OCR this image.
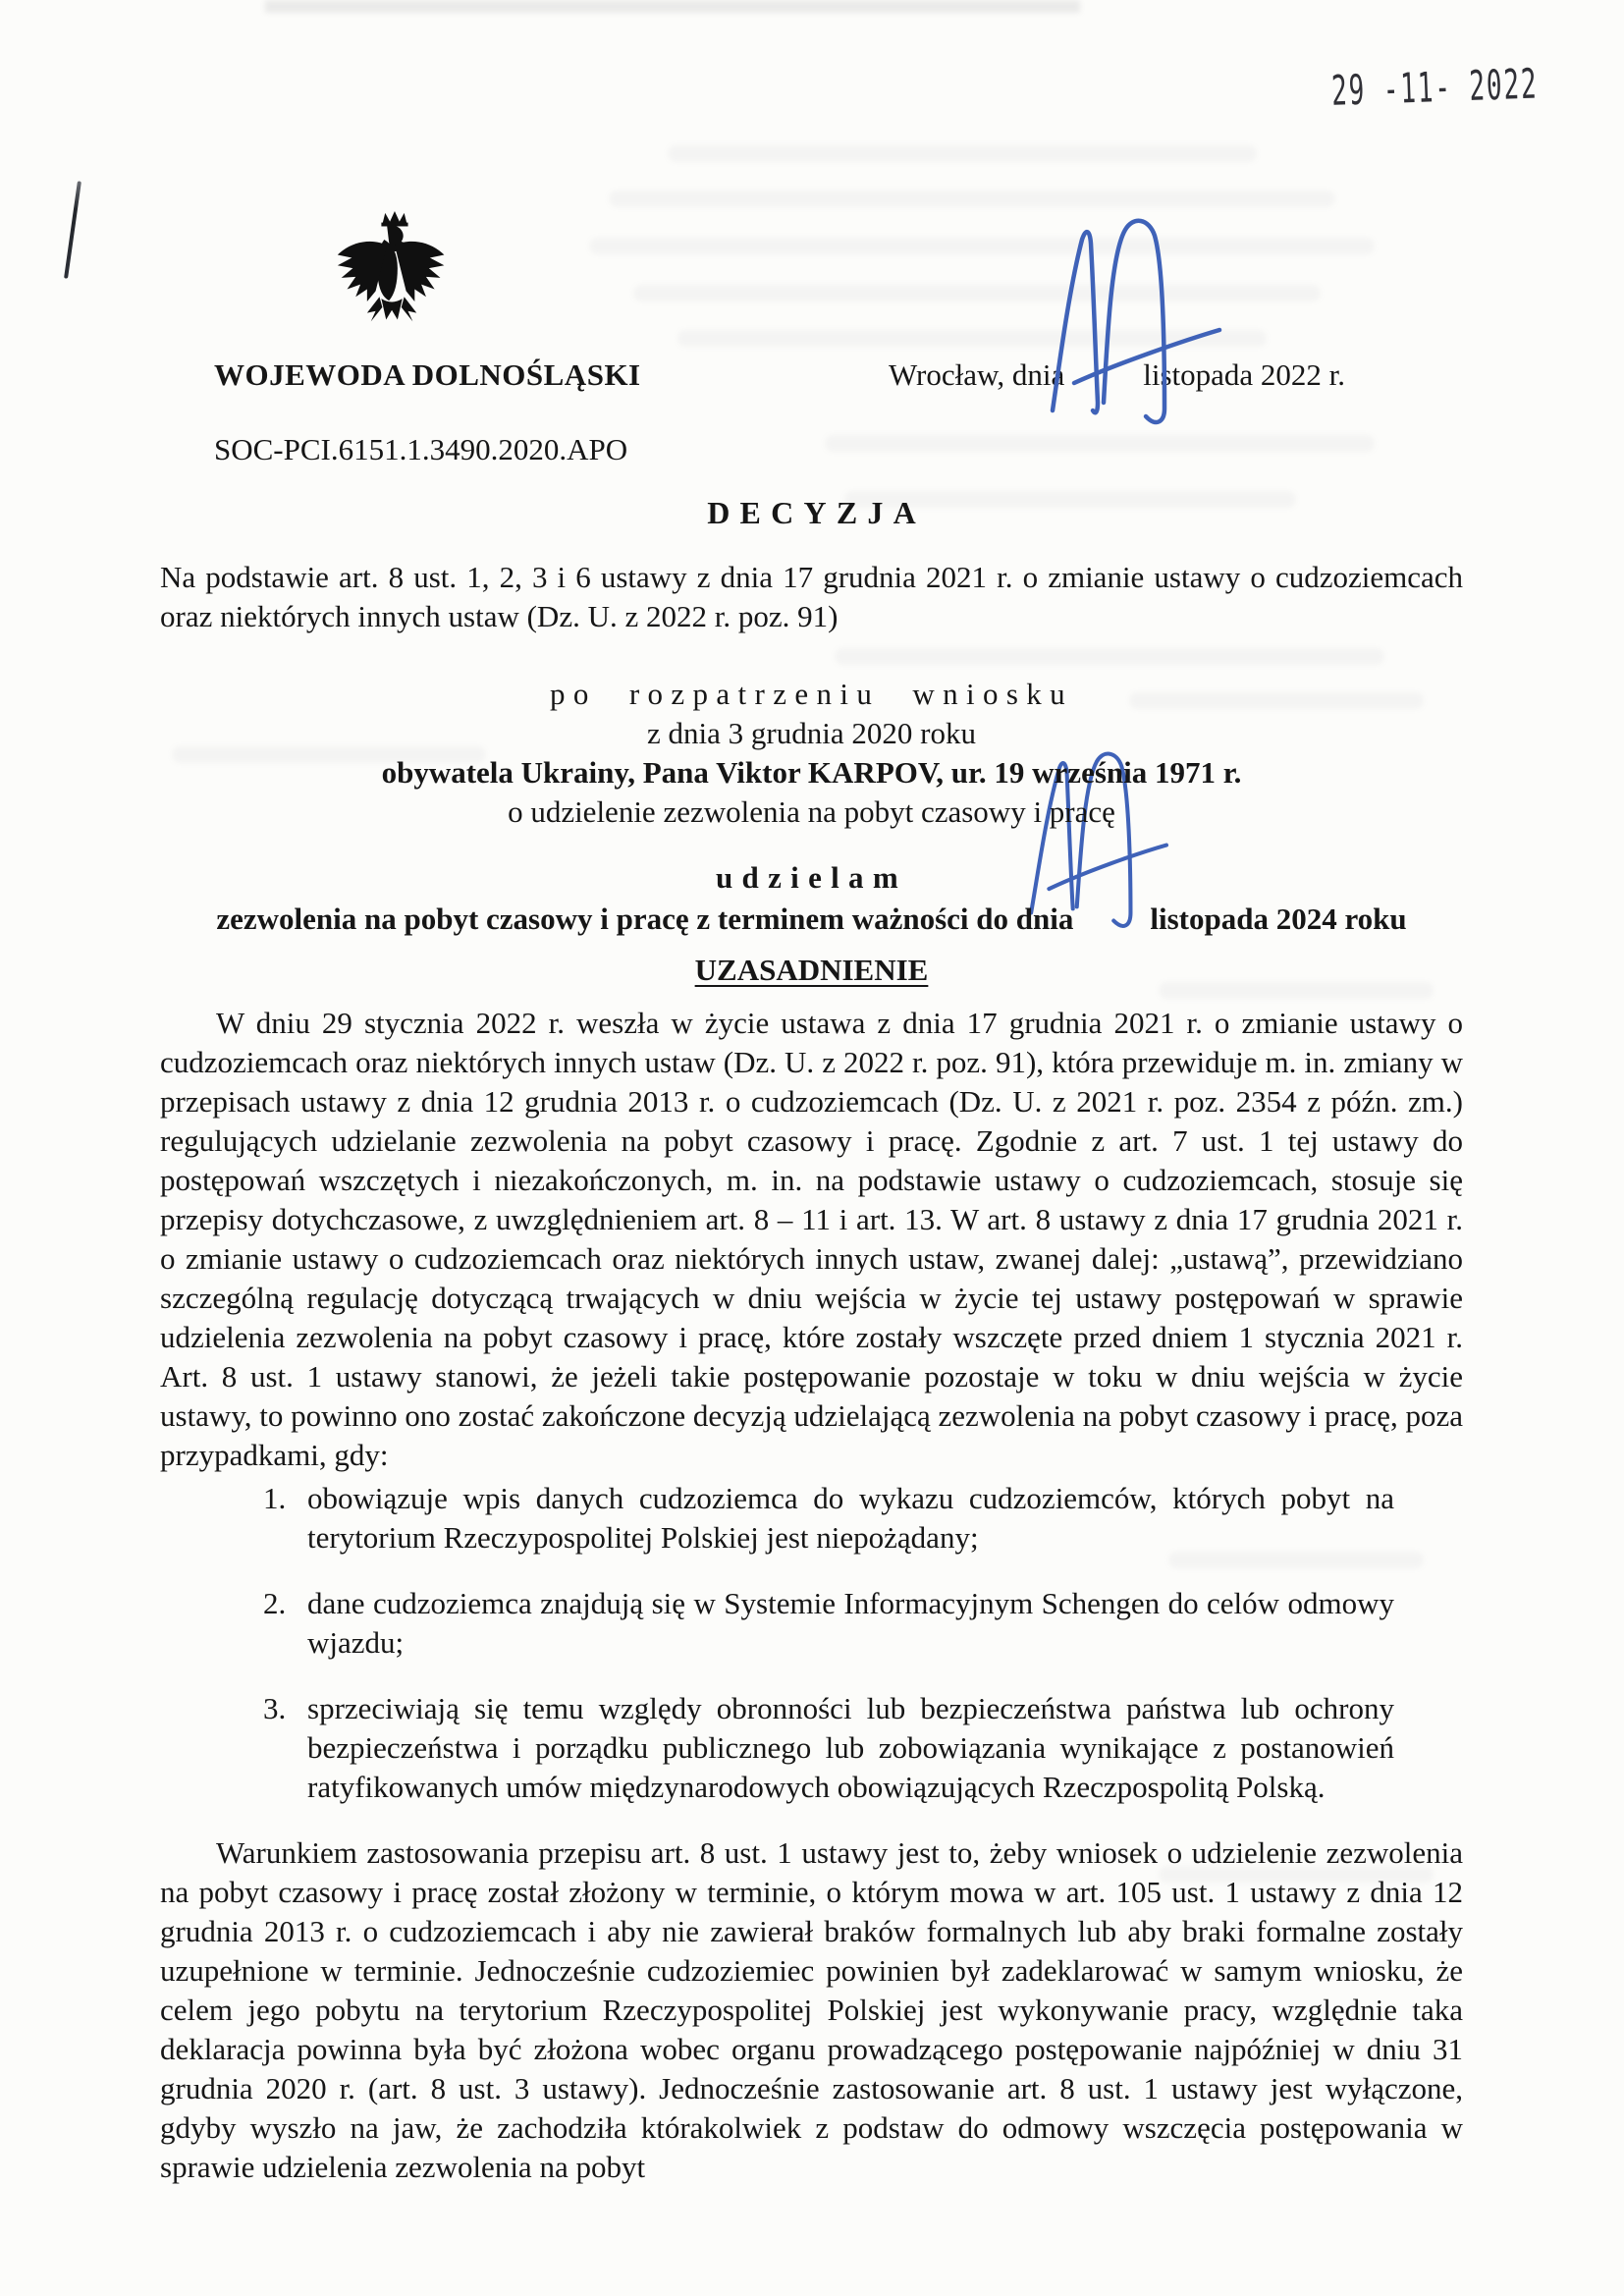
29 -11- 2022
WOJEWODA DOLNOŚLĄSKI	Wrocław, dnia	listopada 2022 r.
SOC-PCI.6151.1.3490.2020.APO
DECYZJA
Na podstawie art. 8 ust. 1, 2, 3 i 6 ustawy z dnia 17 grudnia 2021 r. o zmianie ustawy o cudzoziemcach oraz niektórych innych ustaw (Dz. U. z 2022 r. poz. 91)
po rozpatrzeniu wniosku
z dnia 3 grudnia 2020 roku
obywatela Ukrainy, Pana Viktor KARPOV, ur. 19 września 1971 r.
o udzielenie zezwolenia na pobyt czasowy i pracę
udzielam
zezwolenia na pobyt czasowy i pracę z terminem ważności do dnia	listopada 2024 roku
UZASADNIENIE

W dniu 29 stycznia 2022 r. weszła w życie ustawa z dnia 17 grudnia 2021 r. o zmianie ustawy o cudzoziemcach oraz niektórych innych ustaw (Dz. U. z 2022 r. poz. 91), która przewiduje m. in. zmiany w przepisach ustawy z dnia 12 grudnia 2013 r. o cudzoziemcach (Dz. U. z 2021 r. poz. 2354 z późn. zm.) regulujących udzielanie zezwolenia na pobyt czasowy i pracę. Zgodnie z art. 7 ust. 1 tej ustawy do postępowań wszczętych i niezakończonych, m. in. na podstawie ustawy o cudzoziemcach, stosuje się przepisy dotychczasowe, z uwzględnieniem art. 8 – 11 i art. 13. W art. 8 ustawy z dnia 17 grudnia 2021 r. o zmianie ustawy o cudzoziemcach oraz niektórych innych ustaw, zwanej dalej: „ustawą”, przewidziano szczególną regulację dotyczącą trwających w dniu wejścia w życie tej ustawy postępowań w sprawie udzielenia zezwolenia na pobyt czasowy i pracę, które zostały wszczęte przed dniem 1 stycznia 2021 r. Art. 8 ust. 1 ustawy stanowi, że jeżeli takie postępowanie pozostaje w toku w dniu wejścia w życie ustawy, to powinno ono zostać zakończone decyzją udzielającą zezwolenia na pobyt czasowy i pracę, poza przypadkami, gdy:

1. obowiązuje wpis danych cudzoziemca do wykazu cudzoziemców, których pobyt na terytorium Rzeczypospolitej Polskiej jest niepożądany;
2. dane cudzoziemca znajdują się w Systemie Informacyjnym Schengen do celów odmowy wjazdu;
3. sprzeciwiają się temu względy obronności lub bezpieczeństwa państwa lub ochrony bezpieczeństwa i porządku publicznego lub zobowiązania wynikające z postanowień ratyfikowanych umów międzynarodowych obowiązujących Rzeczpospolitą Polską.

Warunkiem zastosowania przepisu art. 8 ust. 1 ustawy jest to, żeby wniosek o udzielenie zezwolenia na pobyt czasowy i pracę został złożony w terminie, o którym mowa w art. 105 ust. 1 ustawy z dnia 12 grudnia 2013 r. o cudzoziemcach i aby nie zawierał braków formalnych lub aby braki formalne zostały uzupełnione w terminie. Jednocześnie cudzoziemiec powinien był zadeklarować w samym wniosku, że celem jego pobytu na terytorium Rzeczypospolitej Polskiej jest wykonywanie pracy, względnie taka deklaracja powinna była być złożona wobec organu prowadzącego postępowanie najpóźniej w dniu 31 grudnia 2020 r. (art. 8 ust. 3 ustawy). Jednocześnie zastosowanie art. 8 ust. 1 ustawy jest wyłączone, gdyby wyszło na jaw, że zachodziła którakolwiek z podstaw do odmowy wszczęcia postępowania w sprawie udzielenia zezwolenia na pobyt
